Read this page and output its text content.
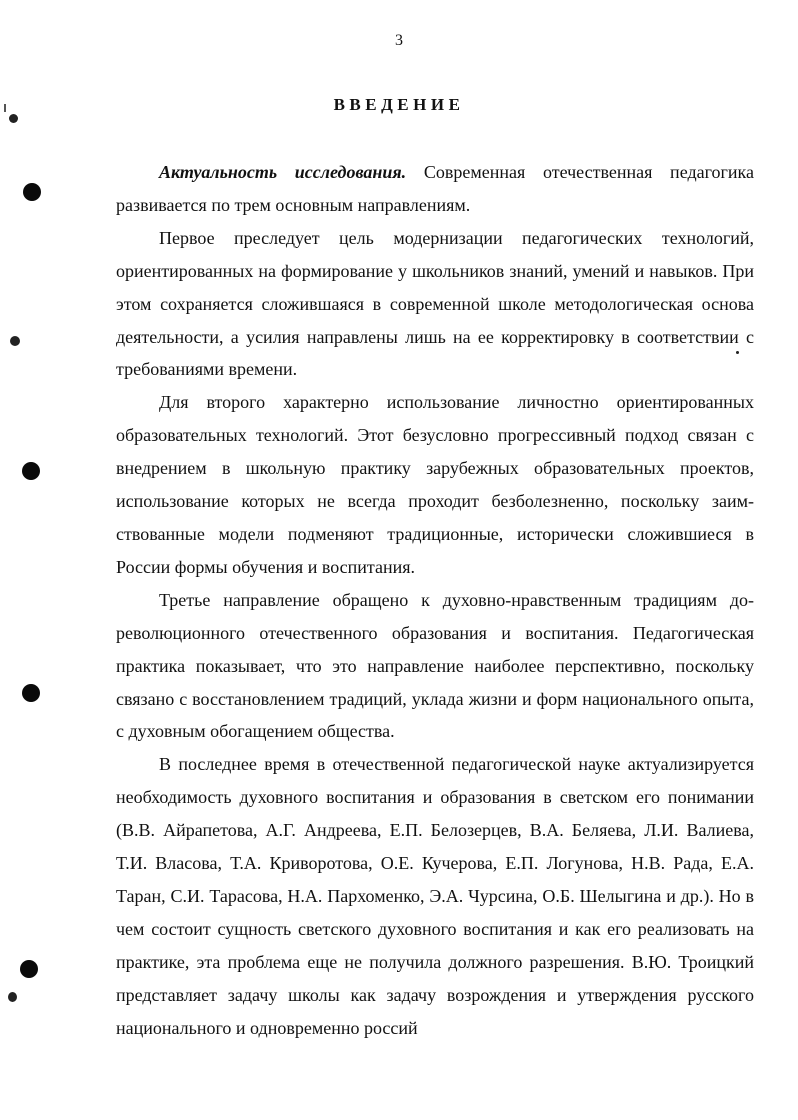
3
ВВЕДЕНИЕ

Актуальность исследования. Современная отечественная педагогика развивается по трем основным направлениям.

Первое преследует цель модернизации педагогических технологий, ориентированных на формирование у школьников знаний, умений и навыков. При этом сохраняется сложившаяся в современной школе методологическая основа деятельности, а усилия направлены лишь на ее корректировку в соответствии с требованиями времени.

Для второго характерно использование личностно ориентированных образовательных технологий. Этот безусловно прогрессивный подход связан с внедрением в школьную практику зарубежных образовательных проектов, использование которых не всегда проходит безболезненно, поскольку заимствованные модели подменяют традиционные, исторически сложившиеся в России формы обучения и воспитания.

Третье направление обращено к духовно-нравственным традициям дореволюционного отечественного образования и воспитания. Педагогическая практика показывает, что это направление наиболее перспективно, поскольку связано с восстановлением традиций, уклада жизни и форм национального опыта, с духовным обогащением общества.

В последнее время в отечественной педагогической науке актуализируется необходимость духовного воспитания и образования в светском его понимании (В.В. Айрапетова, А.Г. Андреева, Е.П. Белозерцев, В.А. Беляева, Л.И. Валиева, Т.И. Власова, Т.А. Криворотова, О.Е. Кучерова, Е.П. Логунова, Н.В. Рада, Е.А. Таран, С.И. Тарасова, Н.А. Пархоменко, Э.А. Чурсина, О.Б. Шелыгина и др.). Но в чем состоит сущность светского духовного воспитания и как его реализовать на практике, эта проблема еще не получила должного разрешения. В.Ю. Троицкий представляет задачу школы как задачу возрождения и утверждения русского национального и одновременно россий
